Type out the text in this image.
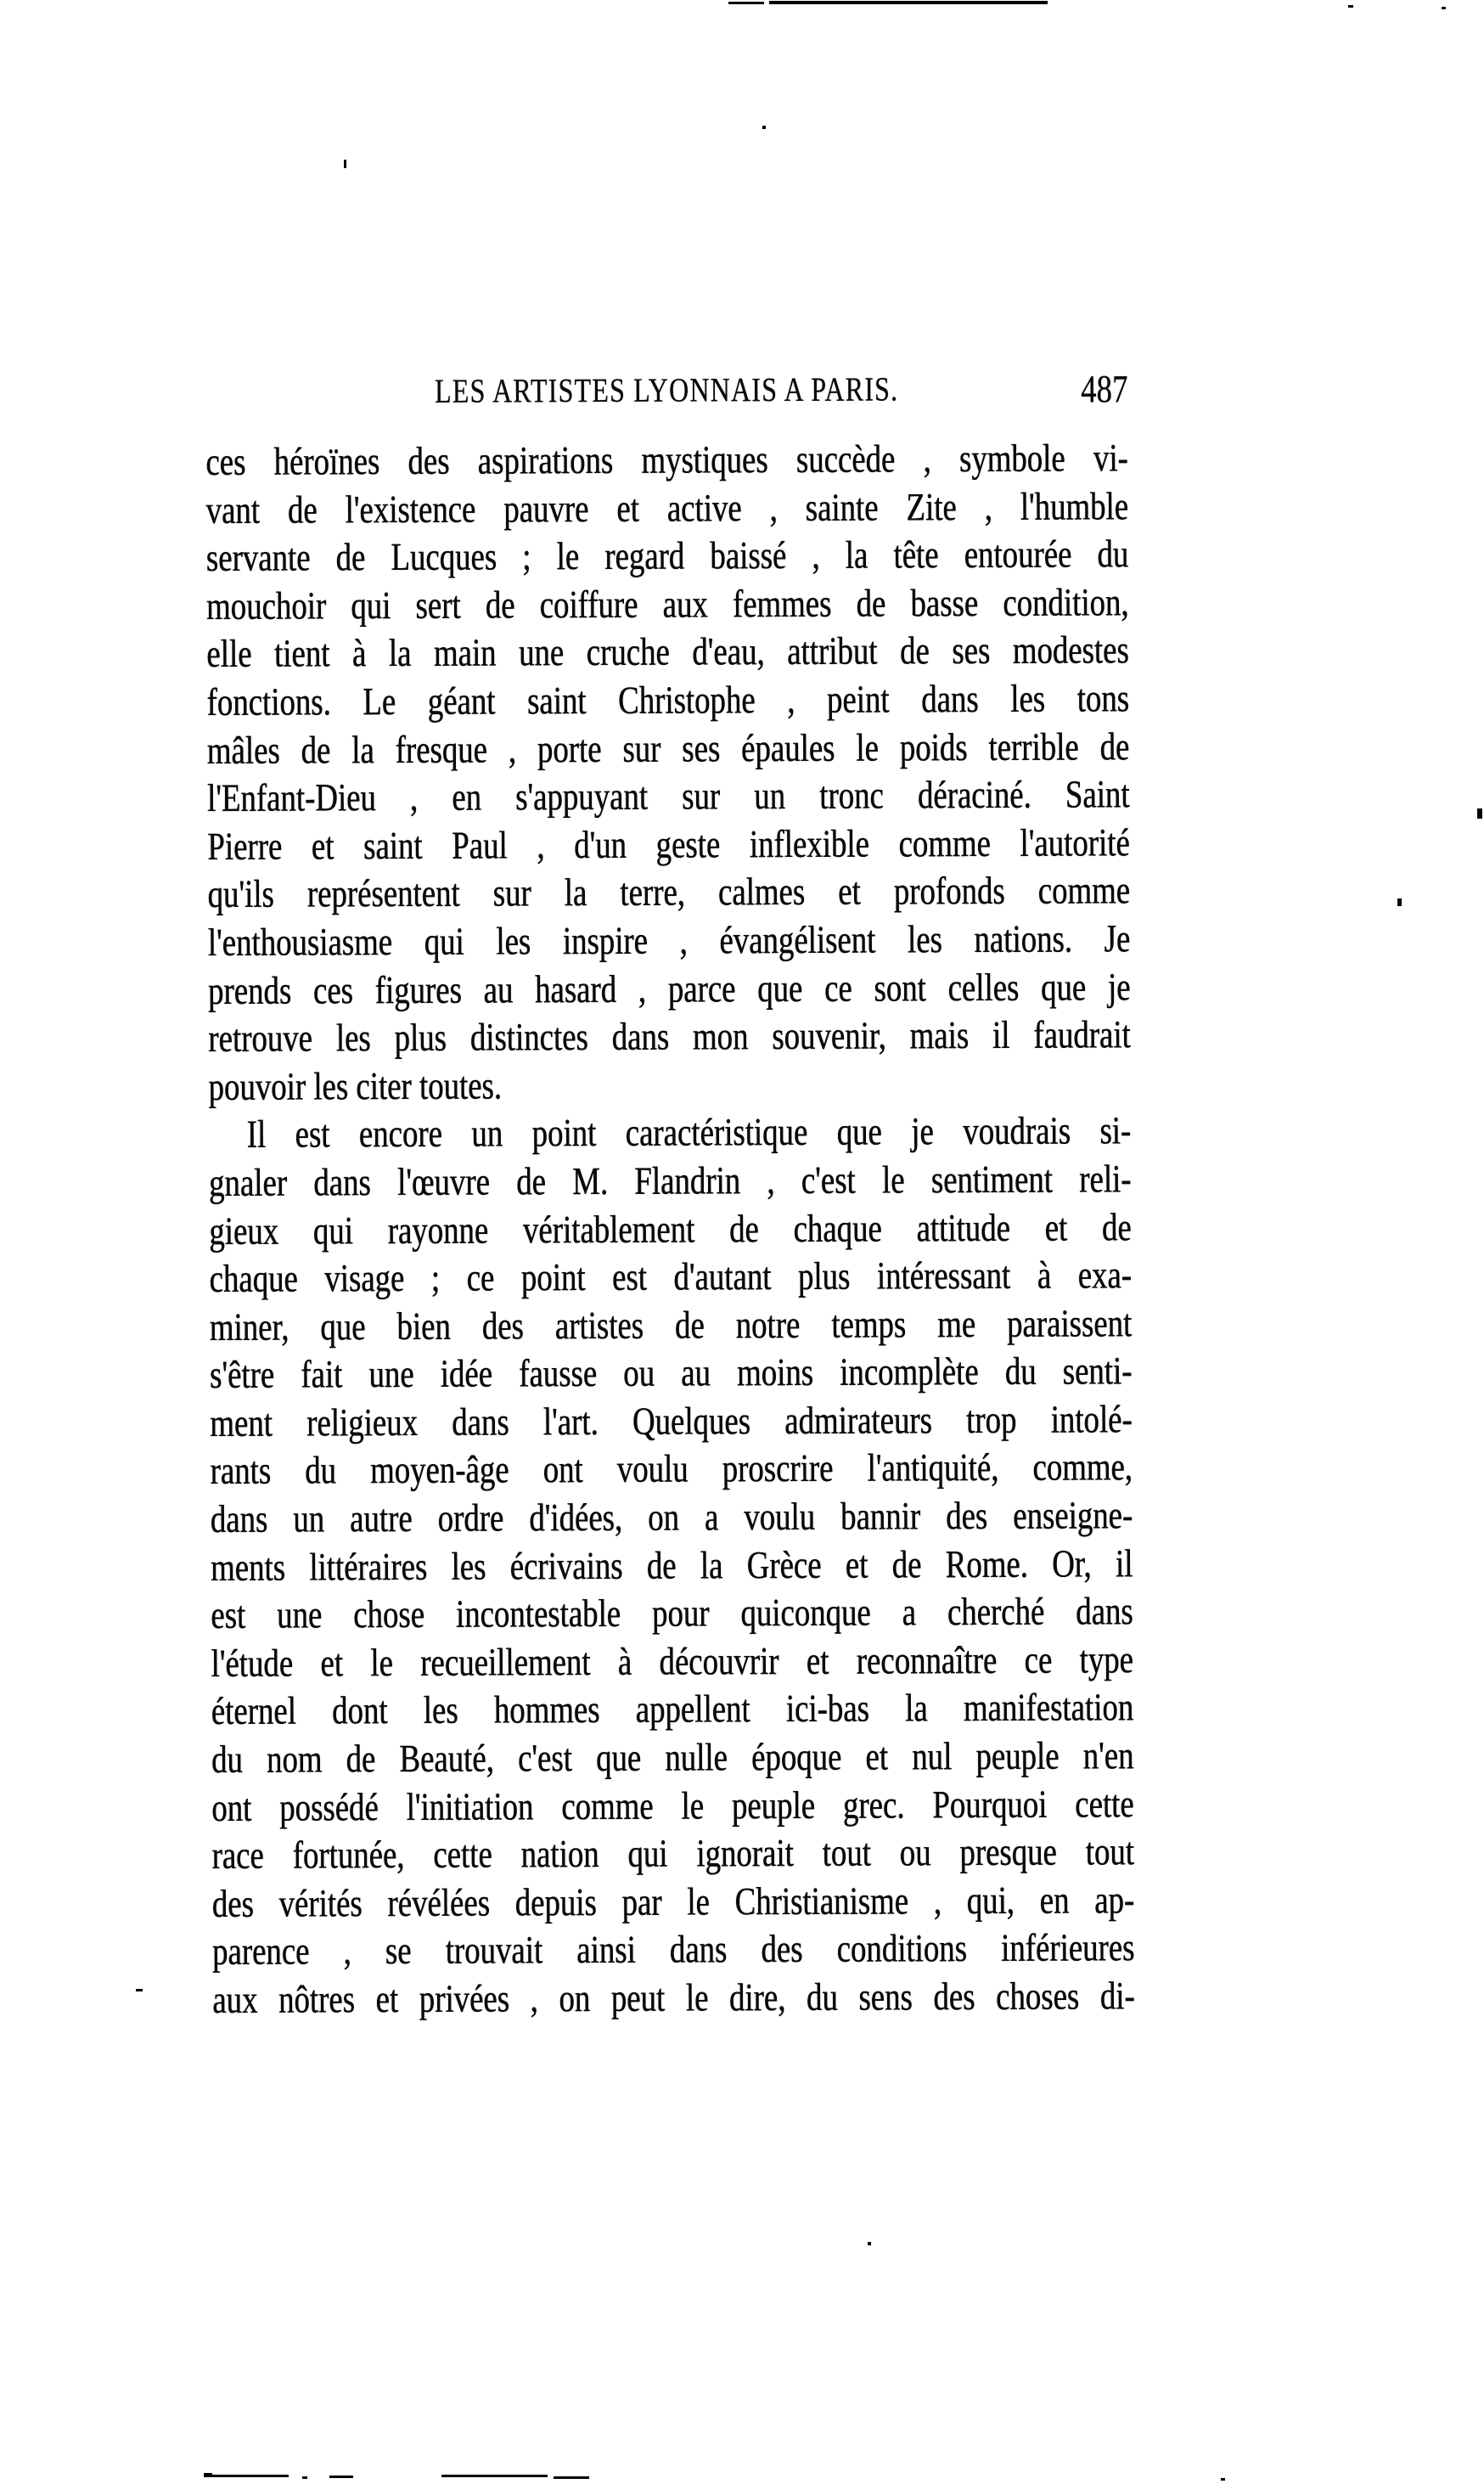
LES ARTISTES LYONNAIS A PARIS.	487
ces héroïnes des aspirations mystiques succède , symbole vi-
vant de l'existence pauvre et active , sainte Zite , l'humble
servante de Lucques ; le regard baissé , la tête entourée du
mouchoir qui sert de coiffure aux femmes de basse condition,
elle tient à la main une cruche d'eau, attribut de ses modestes
fonctions. Le géant saint Christophe , peint dans les tons
mâles de la fresque , porte sur ses épaules le poids terrible de
l'Enfant-Dieu , en s'appuyant sur un tronc déraciné. Saint
Pierre et saint Paul , d'un geste inflexible comme l'autorité
qu'ils représentent sur la terre, calmes et profonds comme
l'enthousiasme qui les inspire , évangélisent les nations. Je
prends ces figures au hasard , parce que ce sont celles que je
retrouve les plus distinctes dans mon souvenir, mais il faudrait
pouvoir les citer toutes.
Il est encore un point caractéristique que je voudrais si-
gnaler dans l'œuvre de M. Flandrin , c'est le sentiment reli-
gieux qui rayonne véritablement de chaque attitude et de
chaque visage ; ce point est d'autant plus intéressant à exa-
miner, que bien des artistes de notre temps me paraissent
s'être fait une idée fausse ou au moins incomplète du senti-
ment religieux dans l'art. Quelques admirateurs trop intolé-
rants du moyen-âge ont voulu proscrire l'antiquité, comme,
dans un autre ordre d'idées, on a voulu bannir des enseigne-
ments littéraires les écrivains de la Grèce et de Rome. Or, il
est une chose incontestable pour quiconque a cherché dans
l'étude et le recueillement à découvrir et reconnaître ce type
éternel dont les hommes appellent ici-bas la manifestation
du nom de Beauté, c'est que nulle époque et nul peuple n'en
ont possédé l'initiation comme le peuple grec. Pourquoi cette
race fortunée, cette nation qui ignorait tout ou presque tout
des vérités révélées depuis par le Christianisme , qui, en ap-
parence , se trouvait ainsi dans des conditions inférieures
aux nôtres et privées , on peut le dire, du sens des choses di-
